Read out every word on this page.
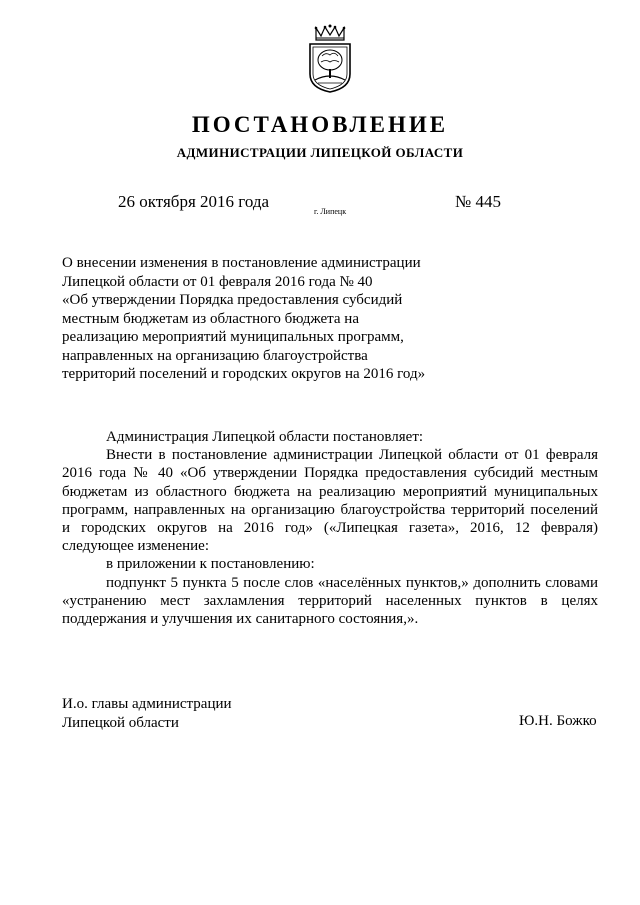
ПОСТАНОВЛЕНИЕ
АДМИНИСТРАЦИИ ЛИПЕЦКОЙ ОБЛАСТИ
26 октября 2016 года
г. Липецк
№ 445
О внесении изменения в постановление администрации
Липецкой области от 01 февраля 2016 года № 40
«Об утверждении Порядка предоставления субсидий
местным бюджетам из областного бюджета на
реализацию мероприятий муниципальных программ,
направленных на организацию благоустройства
территорий поселений и городских округов на 2016 год»

Администрация Липецкой области постановляет:

Внести в постановление администрации Липецкой области от 01 февраля 2016 года № 40 «Об утверждении Порядка предоставления субсидий местным бюджетам из областного бюджета на реализацию мероприятий муниципальных программ, направленных на организацию благоустройства территорий поселений и городских округов на 2016 год» («Липецкая газета», 2016, 12 февраля) следующее изменение:

в приложении к постановлению:

подпункт 5 пункта 5 после слов «населённых пунктов,» дополнить словами «устранению мест захламления территорий населенных пунктов в целях поддержания и улучшения их санитарного состояния,».

И.о. главы администрации
Липецкой области	Ю.Н. Божко
